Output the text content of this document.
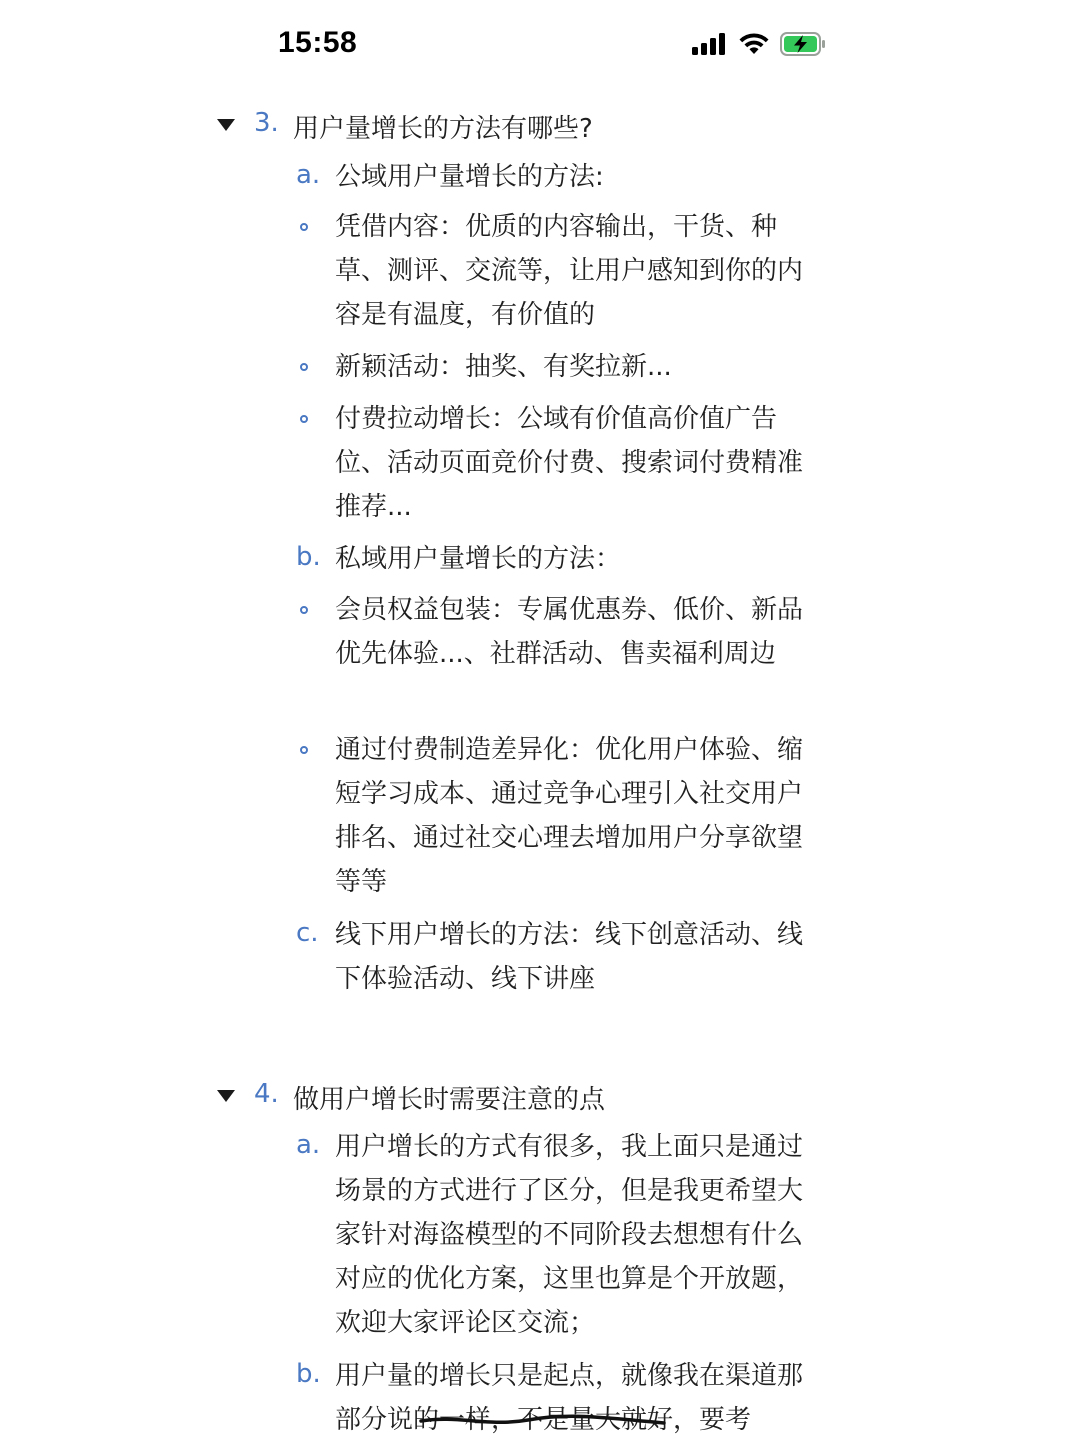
15:58
3. 用户量增长的方法有哪些?
a. 公域用户量增长的方法:
凭借内容：优质的内容输出，干货、种草、测评、交流等，让用户感知到你的内容是有温度，有价值的
新颖活动：抽奖、有奖拉新...
付费拉动增长：公域有价值高价值广告位、活动页面竞价付费、搜索词付费精准推荐...
b. 私域用户量增长的方法：
会员权益包装：专属优惠券、低价、新品优先体验...、社群活动、售卖福利周边
通过付费制造差异化：优化用户体验、缩短学习成本、通过竞争心理引入社交用户排名、通过社交心理去增加用户分享欲望等等
c. 线下用户增长的方法：线下创意活动、线下体验活动、线下讲座
4. 做用户增长时需要注意的点
a. 用户增长的方式有很多，我上面只是通过场景的方式进行了区分，但是我更希望大家针对海盗模型的不同阶段去想想有什么对应的优化方案，这里也算是个开放题，欢迎大家评论区交流；
b. 用户量的增长只是起点，就像我在渠道那部分说的一样，不是量大就好，要考
